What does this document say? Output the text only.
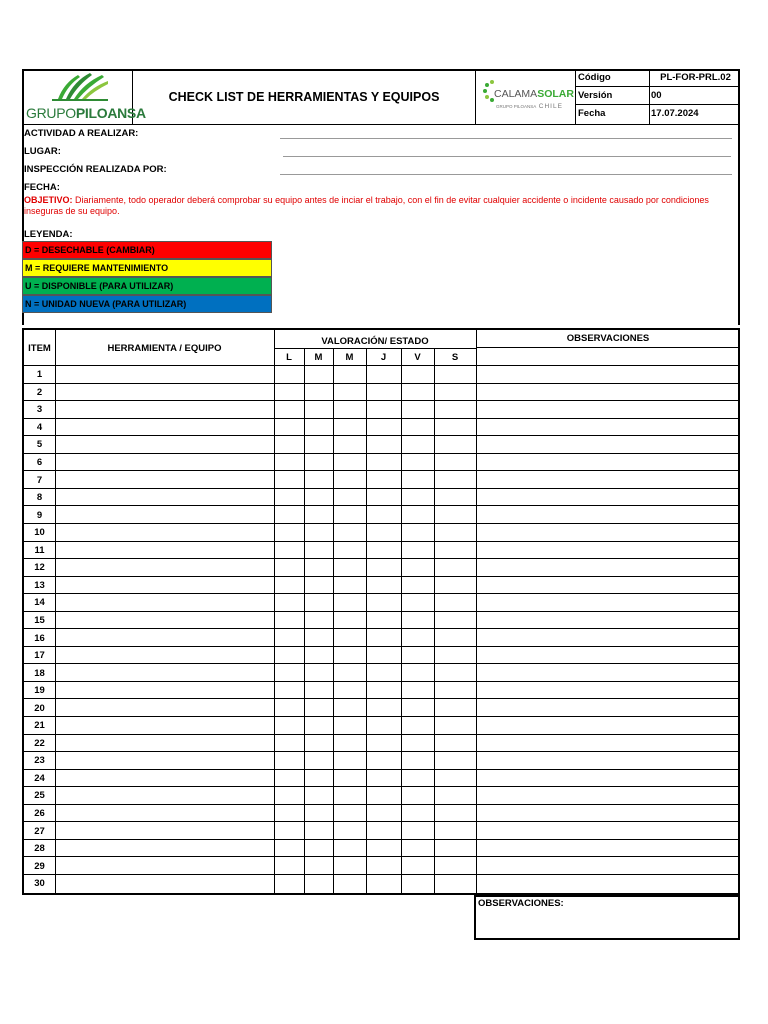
GRUPOPILOANSA
CHECK LIST DE HERRAMIENTAS Y EQUIPOS	CALAMASOLAR
GRUPO PILOANSA CHILE
Código	PL-FOR-PRL.02
Versión	00
Fecha	17.07.2024
ACTIVIDAD A REALIZAR:
LUGAR:
INSPECCIÓN REALIZADA POR:
FECHA:
OBJETIVO: Diariamente, todo operador deberá comprobar su equipo antes de inciar el trabajo, con el fin de evitar cualquier accidente o incidente causado por condiciones inseguras de su equipo.
LEYENDA:
D = DESECHABLE (CAMBIAR)
M = REQUIERE MANTENIMIENTO
U = DISPONIBLE (PARA UTILIZAR)
N = UNIDAD NUEVA (PARA UTILIZAR)
ITEM	HERRAMIENTA / EQUIPO
VALORACIÓN/ ESTADO	OBSERVACIONES
L	M	M	J	V	S
1
2
3
4
5
6
7
8
9
10
11
12
13
14
15
16
17
18
19
20
21
22
23
24
25
26
27
28
29
30
OBSERVACIONES:
